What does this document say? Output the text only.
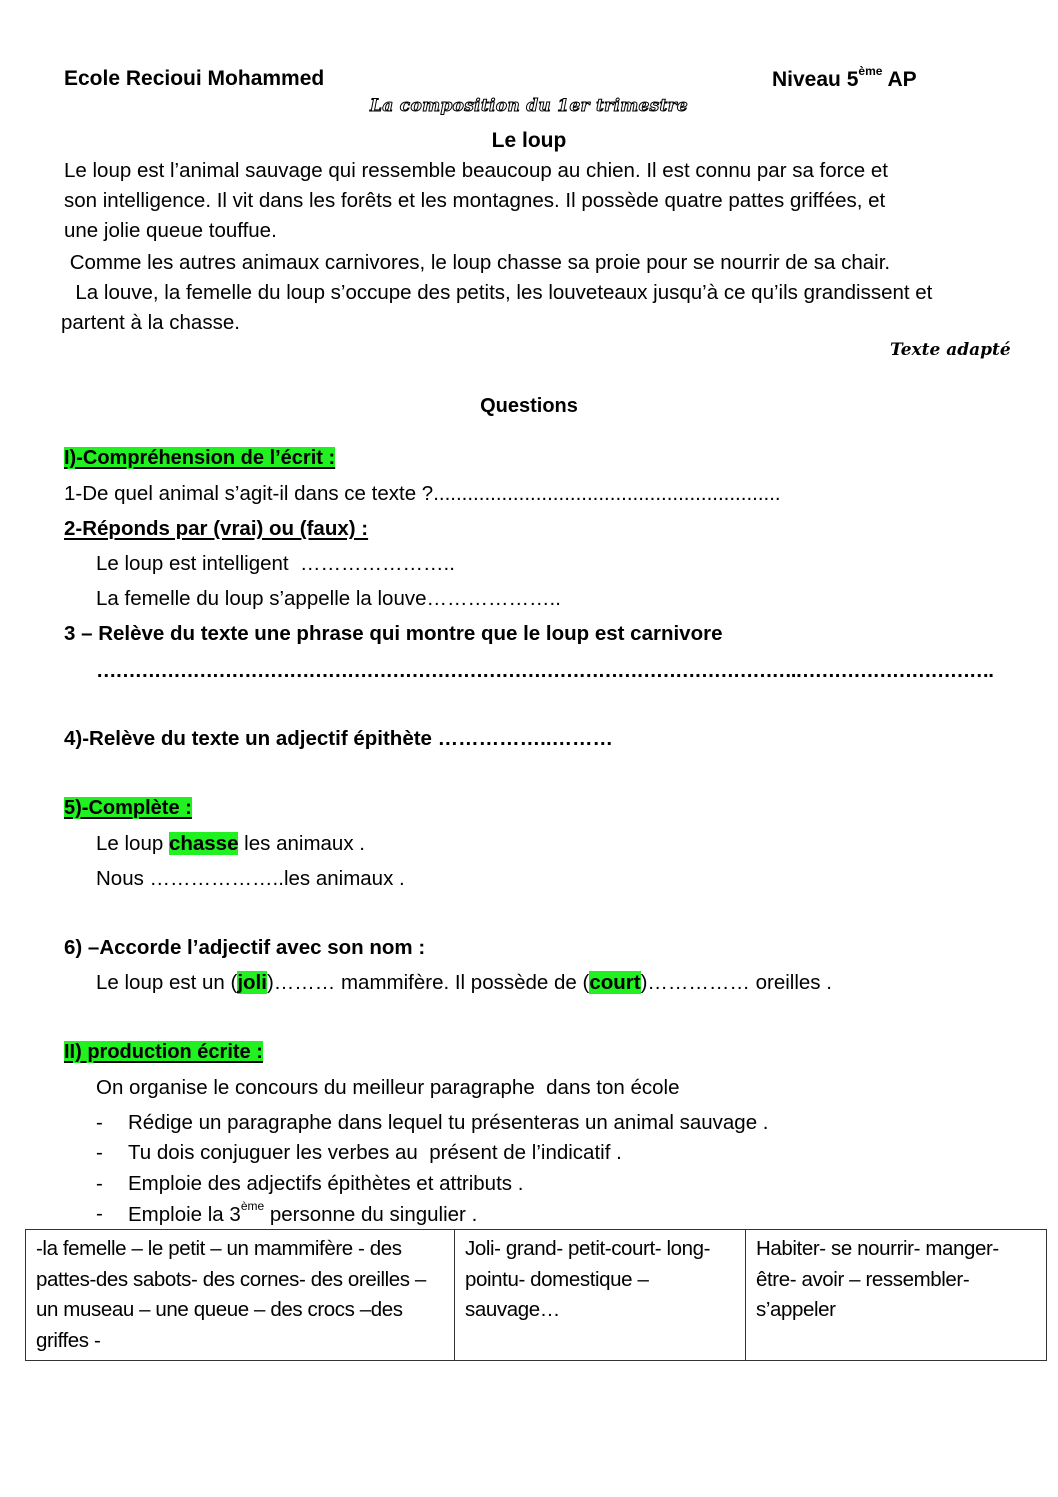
Ecole Recioui Mohammed	Niveau 5ème AP
La composition du 1er trimestre
Le loup
Le loup est l’animal sauvage qui ressemble beaucoup au chien. Il est connu par sa force et
son intelligence. Il vit dans les forêts et les montagnes. Il possède quatre pattes griffées, et
une jolie queue touffue.
Comme les autres animaux carnivores, le loup chasse sa proie pour se nourrir de sa chair.
La louve, la femelle du loup s’occupe des petits, les louveteaux jusqu’à ce qu’ils grandissent et
partent à la chasse.
Texte adapté
Questions
I)-Compréhension de l’écrit :
1-De quel animal s’agit-il dans ce texte ?.............................................................
2-Réponds par (vrai) ou (faux) :
Le loup est intelligent  …………………..
La femelle du loup s’appelle la louve………………..
3 – Relève du texte une phrase qui montre que le loup est carnivore
……………………………………………………………………………………………….………………………….
4)-Relève du texte un adjectif épithète ……………..………
5)-Complète :
Le loup chasse les animaux .
Nous ………………..les animaux .
6) –Accorde l’adjectif avec son nom :
Le loup est un (joli)……… mammifère. Il possède de (court)…………… oreilles .
II) production écrite :
On organise le concours du meilleur paragraphe  dans ton école
- Rédige un paragraphe dans lequel tu présenteras un animal sauvage .
- Tu dois conjuguer les verbes au  présent de l’indicatif .
- Emploie des adjectifs épithètes et attributs .
- Emploie la 3ème personne du singulier .
-la femelle – le petit – un mammifère - des pattes-des sabots- des cornes- des oreilles –un museau – une queue – des crocs –des griffes -	Joli- grand- petit-court- long- pointu- domestique – sauvage…	Habiter- se nourrir- manger- être- avoir – ressembler- s’appeler
